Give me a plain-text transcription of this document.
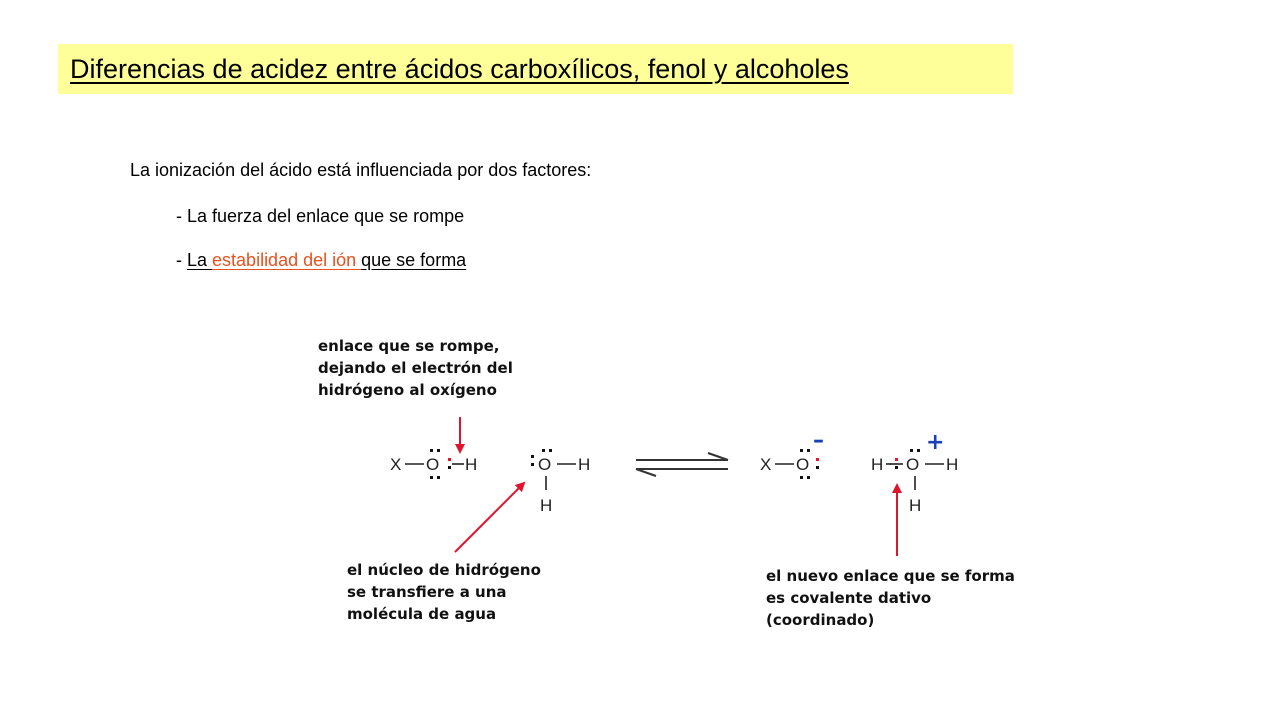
Diferencias de acidez entre ácidos carboxílicos, fenol y alcoholes
La ionización del ácido está influenciada por dos factores:
- La fuerza del enlace que se rompe
- La estabilidad del ión que se forma
enlace que se rompe,
dejando el electrón del
hidrógeno al oxígeno
el núcleo de hidrógeno
se transfiere a una
molécula de agua
el nuevo enlace que se forma
es covalente dativo
(coordinado)
X O H	O H
H
X O
–
H O H
H
+
